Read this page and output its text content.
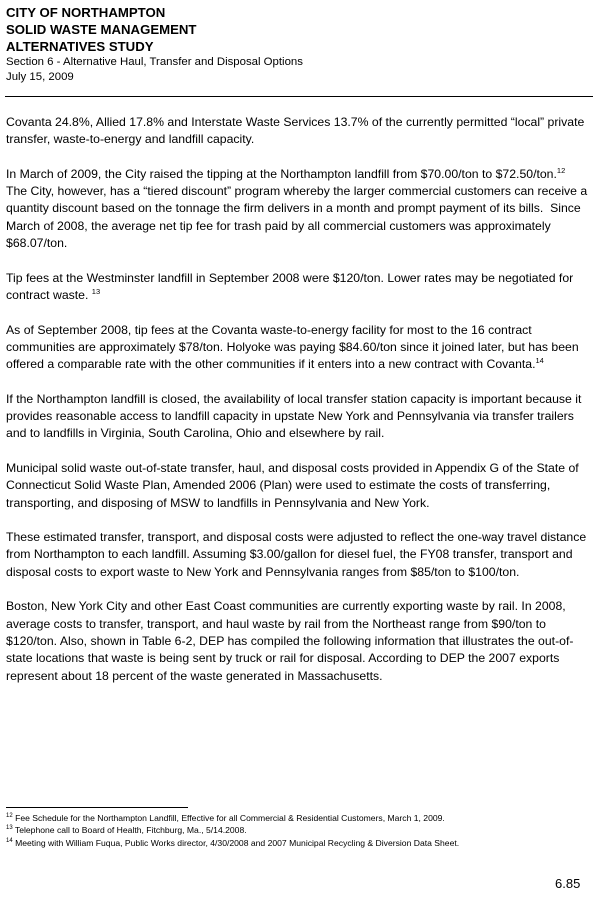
CITY OF NORTHAMPTON

SOLID WASTE MANAGEMENT

ALTERNATIVES STUDY

Section 6 - Alternative Haul, Transfer and Disposal Options

July 15, 2009

Covanta 24.8%, Allied 17.8% and Interstate Waste Services 13.7% of the currently permitted “local” private transfer, waste-to-energy and landfill capacity.

In March of 2009, the City raised the tipping at the Northampton landfill from $70.00/ton to $72.50/ton.$^{12}$  The City, however, has a “tiered discount” program whereby the larger commercial customers can receive a quantity discount based on the tonnage the firm delivers in a month and prompt payment of its bills.  Since March of 2008, the average net tip fee for trash paid by all commercial customers was approximately $68.07/ton.

Tip fees at the Westminster landfill in September 2008 were $120/ton. Lower rates may be negotiated for contract waste. $^{13}$

As of September 2008, tip fees at the Covanta waste-to-energy facility for most to the 16 contract communities are approximately $78/ton. Holyoke was paying $84.60/ton since it joined later, but has been offered a comparable rate with the other communities if it enters into a new contract with Covanta.$^{14}$

If the Northampton landfill is closed, the availability of local transfer station capacity is important because it provides reasonable access to landfill capacity in upstate New York and Pennsylvania via transfer trailers and to landfills in Virginia, South Carolina, Ohio and elsewhere by rail.

Municipal solid waste out-of-state transfer, haul, and disposal costs provided in Appendix G of the State of Connecticut Solid Waste Plan, Amended 2006 (Plan) were used to estimate the costs of transferring, transporting, and disposing of MSW to landfills in Pennsylvania and New York.

These estimated transfer, transport, and disposal costs were adjusted to reflect the one-way travel distance from Northampton to each landfill. Assuming $3.00/gallon for diesel fuel, the FY08 transfer, transport and disposal costs to export waste to New York and Pennsylvania ranges from $85/ton to $100/ton.

Boston, New York City and other East Coast communities are currently exporting waste by rail. In 2008, average costs to transfer, transport, and haul waste by rail from the Northeast range from $90/ton to $120/ton. Also, shown in Table 6-2, DEP has compiled the following information that illustrates the out-of-state locations that waste is being sent by truck or rail for disposal. According to DEP the 2007 exports represent about 18 percent of the waste generated in Massachusetts.

$^{12}$ Fee Schedule for the Northampton Landfill, Effective for all Commercial & Residential Customers, March 1, 2009.

$^{13}$ Telephone call to Board of Health, Fitchburg, Ma., 5/14.2008.

$^{14}$ Meeting with William Fuqua, Public Works director, 4/30/2008 and 2007 Municipal Recycling & Diversion Data Sheet.

6.85
